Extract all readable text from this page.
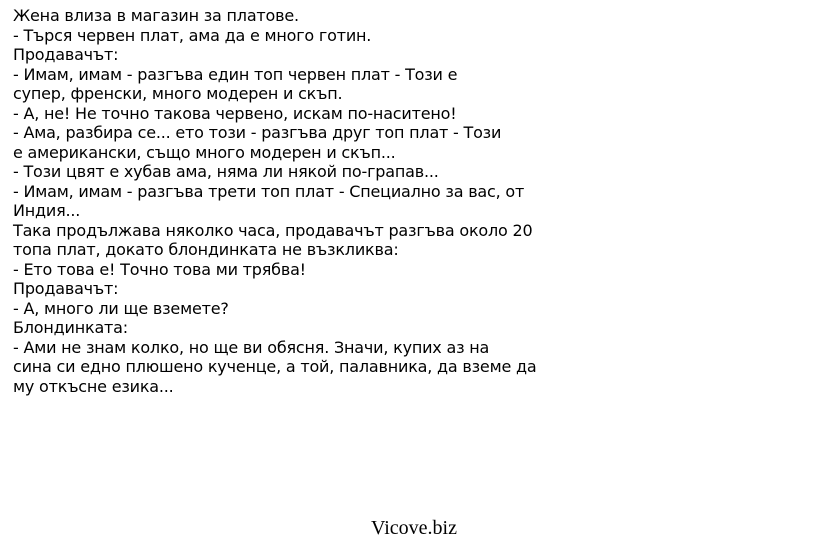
Жена влиза в магазин за платове.
- Търся червен плат, ама да е много готин.
Продавачът:
- Имам, имам - разгъва един топ червен плат - Този е
супер, френски, много модерен и скъп.
- А, не! Не точно такова червено, искам по-наситено!
- Ама, разбира се... ето този - разгъва друг топ плат - Този
е американски, също много модерен и скъп...
- Този цвят е хубав ама, няма ли някой по-грапав...
- Имам, имам - разгъва трети топ плат - Специално за вас, от
Индия...
Така продължава няколко часа, продавачът разгъва около 20
топа плат, докато блондинката не възкликва:
- Ето това е! Точно това ми трябва!
Продавачът:
- А, много ли ще вземете?
Блондинката:
- Ами не знам колко, но ще ви обясня. Значи, купих аз на
сина си едно плюшено кученце, а той, палавника, да вземе да
му откъсне езика...
Vicove.biz
